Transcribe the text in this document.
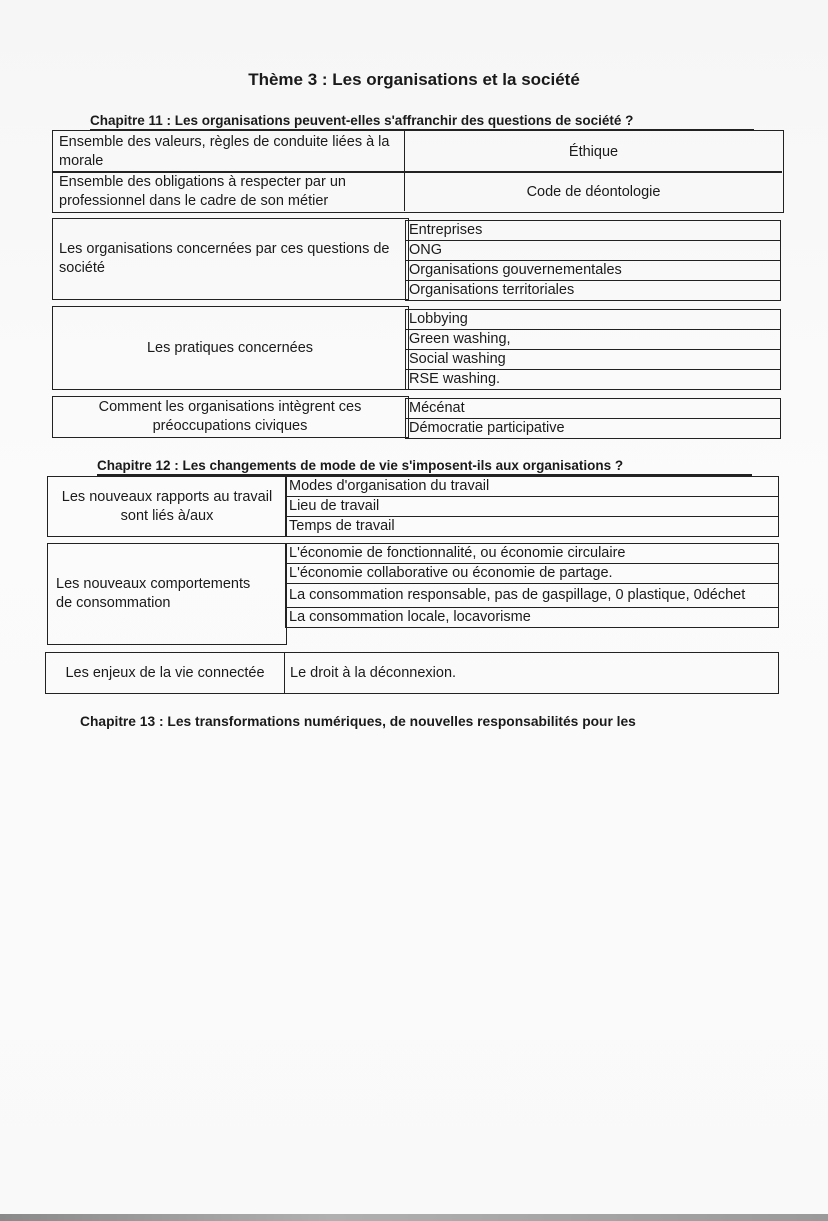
Thème 3 : Les organisations et la société
Chapitre 11 : Les organisations peuvent-elles s'affranchir des questions de société ?
Ensemble des valeurs, règles de conduite liées à la morale
Éthique
Ensemble des obligations à respecter par un professionnel dans le cadre de son métier
Code de déontologie
Les organisations concernées par ces questions de société
Entreprises
ONG
Organisations gouvernementales
Organisations territoriales
Les pratiques concernées
Lobbying
Green washing,
Social washing
RSE washing.
Comment les organisations intègrent ces préoccupations civiques
Mécénat
Démocratie participative
Chapitre 12 : Les changements de mode de vie s'imposent-ils aux organisations ?
Les nouveaux rapports au travail sont liés à/aux
Modes d'organisation du travail
Lieu de travail
Temps de travail
Les nouveaux comportements de consommation
L'économie de fonctionnalité, ou économie circulaire
L'économie collaborative ou économie de partage.
La consommation responsable, pas de gaspillage, 0 plastique, 0déchet
La consommation locale, locavorisme
Les enjeux de la vie connectée	Le droit à la déconnexion.
Chapitre 13 : Les transformations numériques, de nouvelles responsabilités pour les
